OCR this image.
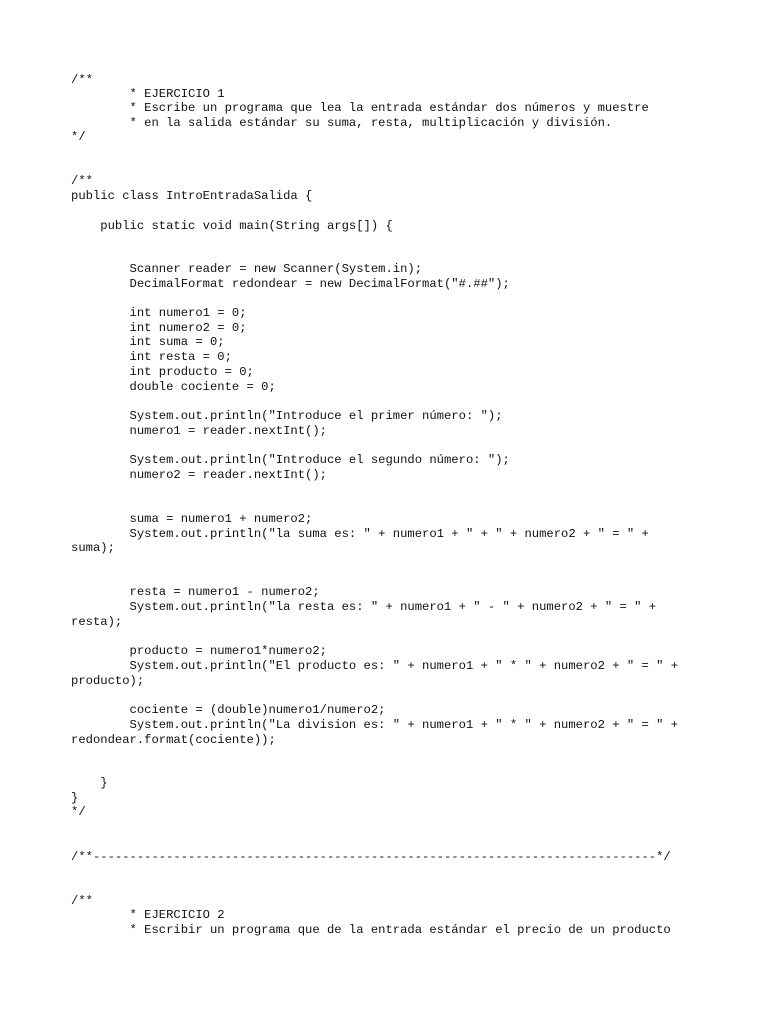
/**
* EJERCICIO 1
* Escribe un programa que lea la entrada estándar dos números y muestre
* en la salida estándar su suma, resta, multiplicación y división.
*/
/**
public class IntroEntradaSalida {
public static void main(String args[]) {
Scanner reader = new Scanner(System.in);
DecimalFormat redondear = new DecimalFormat("#.##");
int numero1 = 0;
int numero2 = 0;
int suma = 0;
int resta = 0;
int producto = 0;
double cociente = 0;
System.out.println("Introduce el primer número: ");
numero1 = reader.nextInt();
System.out.println("Introduce el segundo número: ");
numero2 = reader.nextInt();
suma = numero1 + numero2;
System.out.println("la suma es: " + numero1 + " + " + numero2 + " = " +
suma);
resta = numero1 - numero2;
System.out.println("la resta es: " + numero1 + " - " + numero2 + " = " +
resta);
producto = numero1*numero2;
System.out.println("El producto es: " + numero1 + " * " + numero2 + " = " +
producto);
cociente = (double)numero1/numero2;
System.out.println("La division es: " + numero1 + " * " + numero2 + " = " +
redondear.format(cociente));
}
}
*/
/**-----------------------------------------------------------------------------*/
/**
* EJERCICIO 2
* Escribir un programa que de la entrada estándar el precio de un producto
